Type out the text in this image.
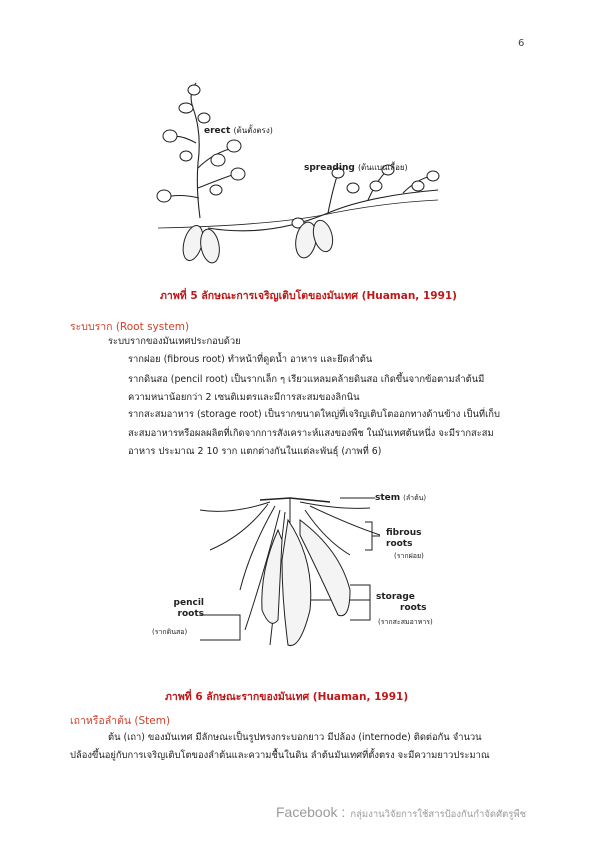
6
erect (ต้นตั้งตรง)
spreading (ต้นแบนเลื้อย)
ภาพที่ 5 ลักษณะการเจริญเติบโตของมันเทศ (Huaman, 1991)
ระบบราก (Root system)
ระบบรากของมันเทศประกอบด้วย
รากฝอย (fibrous root) ทำหน้าที่ดูดน้ำ อาหาร และยึดลำต้น
รากดินสอ (pencil root) เป็นรากเล็ก ๆ เรียวแหลมคล้ายดินสอ เกิดขึ้นจากข้อตามลำต้นมี
ความหนาน้อยกว่า 2 เซนติเมตรและมีการสะสมของลิกนิน
รากสะสมอาหาร (storage root) เป็นรากขนาดใหญ่ที่เจริญเติบโตออกทางด้านข้าง เป็นที่เก็บ
สะสมอาหารหรือผลผลิตที่เกิดจากการสังเคราะห์แสงของพืช ในมันเทศต้นหนึ่ง จะมีรากสะสม
อาหาร ประมาณ 2 10 ราก แตกต่างกันในแต่ละพันธุ์ (ภาพที่ 6)
stem (ลำต้น)
fibrous
roots
(รากฝอย)
pencil
roots
(รากดินสอ)
storage
roots
(รากสะสมอาหาร)
ภาพที่ 6 ลักษณะรากของมันเทศ (Huaman, 1991)
เถาหรือลำต้น (Stem)
ต้น (เถา) ของมันเทศ มีลักษณะเป็นรูปทรงกระบอกยาว มีปล้อง (internode) ติดต่อกัน จำนวน
ปล้องขึ้นอยู่กับการเจริญเติบโตของลำต้นและความชื้นในดิน ลำต้นมันเทศที่ตั้งตรง จะมีความยาวประมาณ
Facebook : กลุ่มงานวิจัยการใช้สารป้องกันกำจัดศัตรูพืช
